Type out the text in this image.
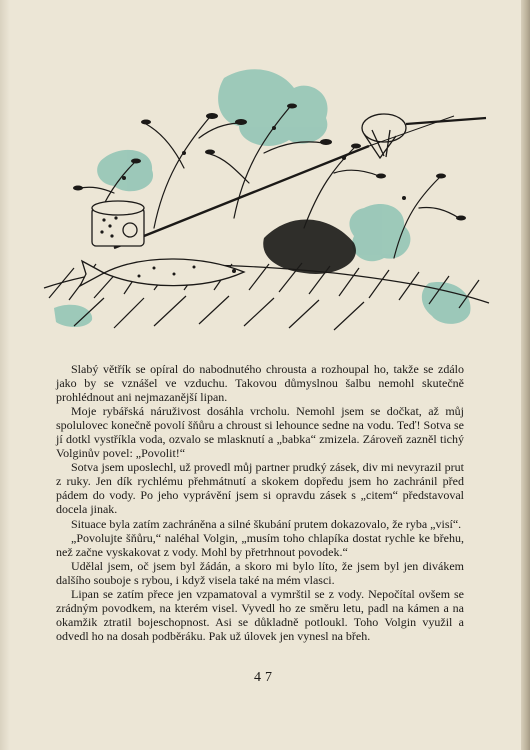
Slabý větřík se opíral do nabodnutého chrousta a rozhoupal ho, takže se zdálo jako by se vznášel ve vzduchu. Takovou důmyslnou šalbu nemohl skutečně prohlédnout ani nejmazanější lipan.

Moje rybářská náruživost dosáhla vrcholu. Nemohl jsem se dočkat, až můj spolulovec konečně povolí šňůru a chroust si lehounce sedne na vodu. Teď! Sotva se jí dotkl vystříkla voda, ozvalo se mlasknutí a „babka“ zmizela. Zároveň zazněl tichý Volginův povel: „Povolit!“

Sotva jsem uposlechl, už provedl můj partner prudký zásek, div mi nevyrazil prut z ruky. Jen dík rychlému přehmátnutí a skokem dopředu jsem ho zachránil před pádem do vody. Po jeho vyprávění jsem si opravdu zásek s „citem“ představoval docela jinak.

Situace byla zatím zachráněna a silné škubání prutem dokazovalo, že ryba „visí“.

„Povolujte šňůru,“ naléhal Volgin, „musím toho chlapíka dostat rychle ke břehu, než začne vyskakovat z vody. Mohl by přetrhnout povodek.“

Udělal jsem, oč jsem byl žádán, a skoro mi bylo líto, že jsem byl jen divákem dalšího souboje s rybou, i když visela také na mém vlasci.

Lipan se zatím přece jen vzpamatoval a vymrštil se z vody. Nepočítal ovšem se zrádným povodkem, na kterém visel. Vyvedl ho ze směru letu, padl na kámen a na okamžik ztratil bojeschopnost. Asi se důkladně potloukl. Toho Volgin využil a odvedl ho na dosah podběráku. Pak už úlovek jen vynesl na břeh.

47
